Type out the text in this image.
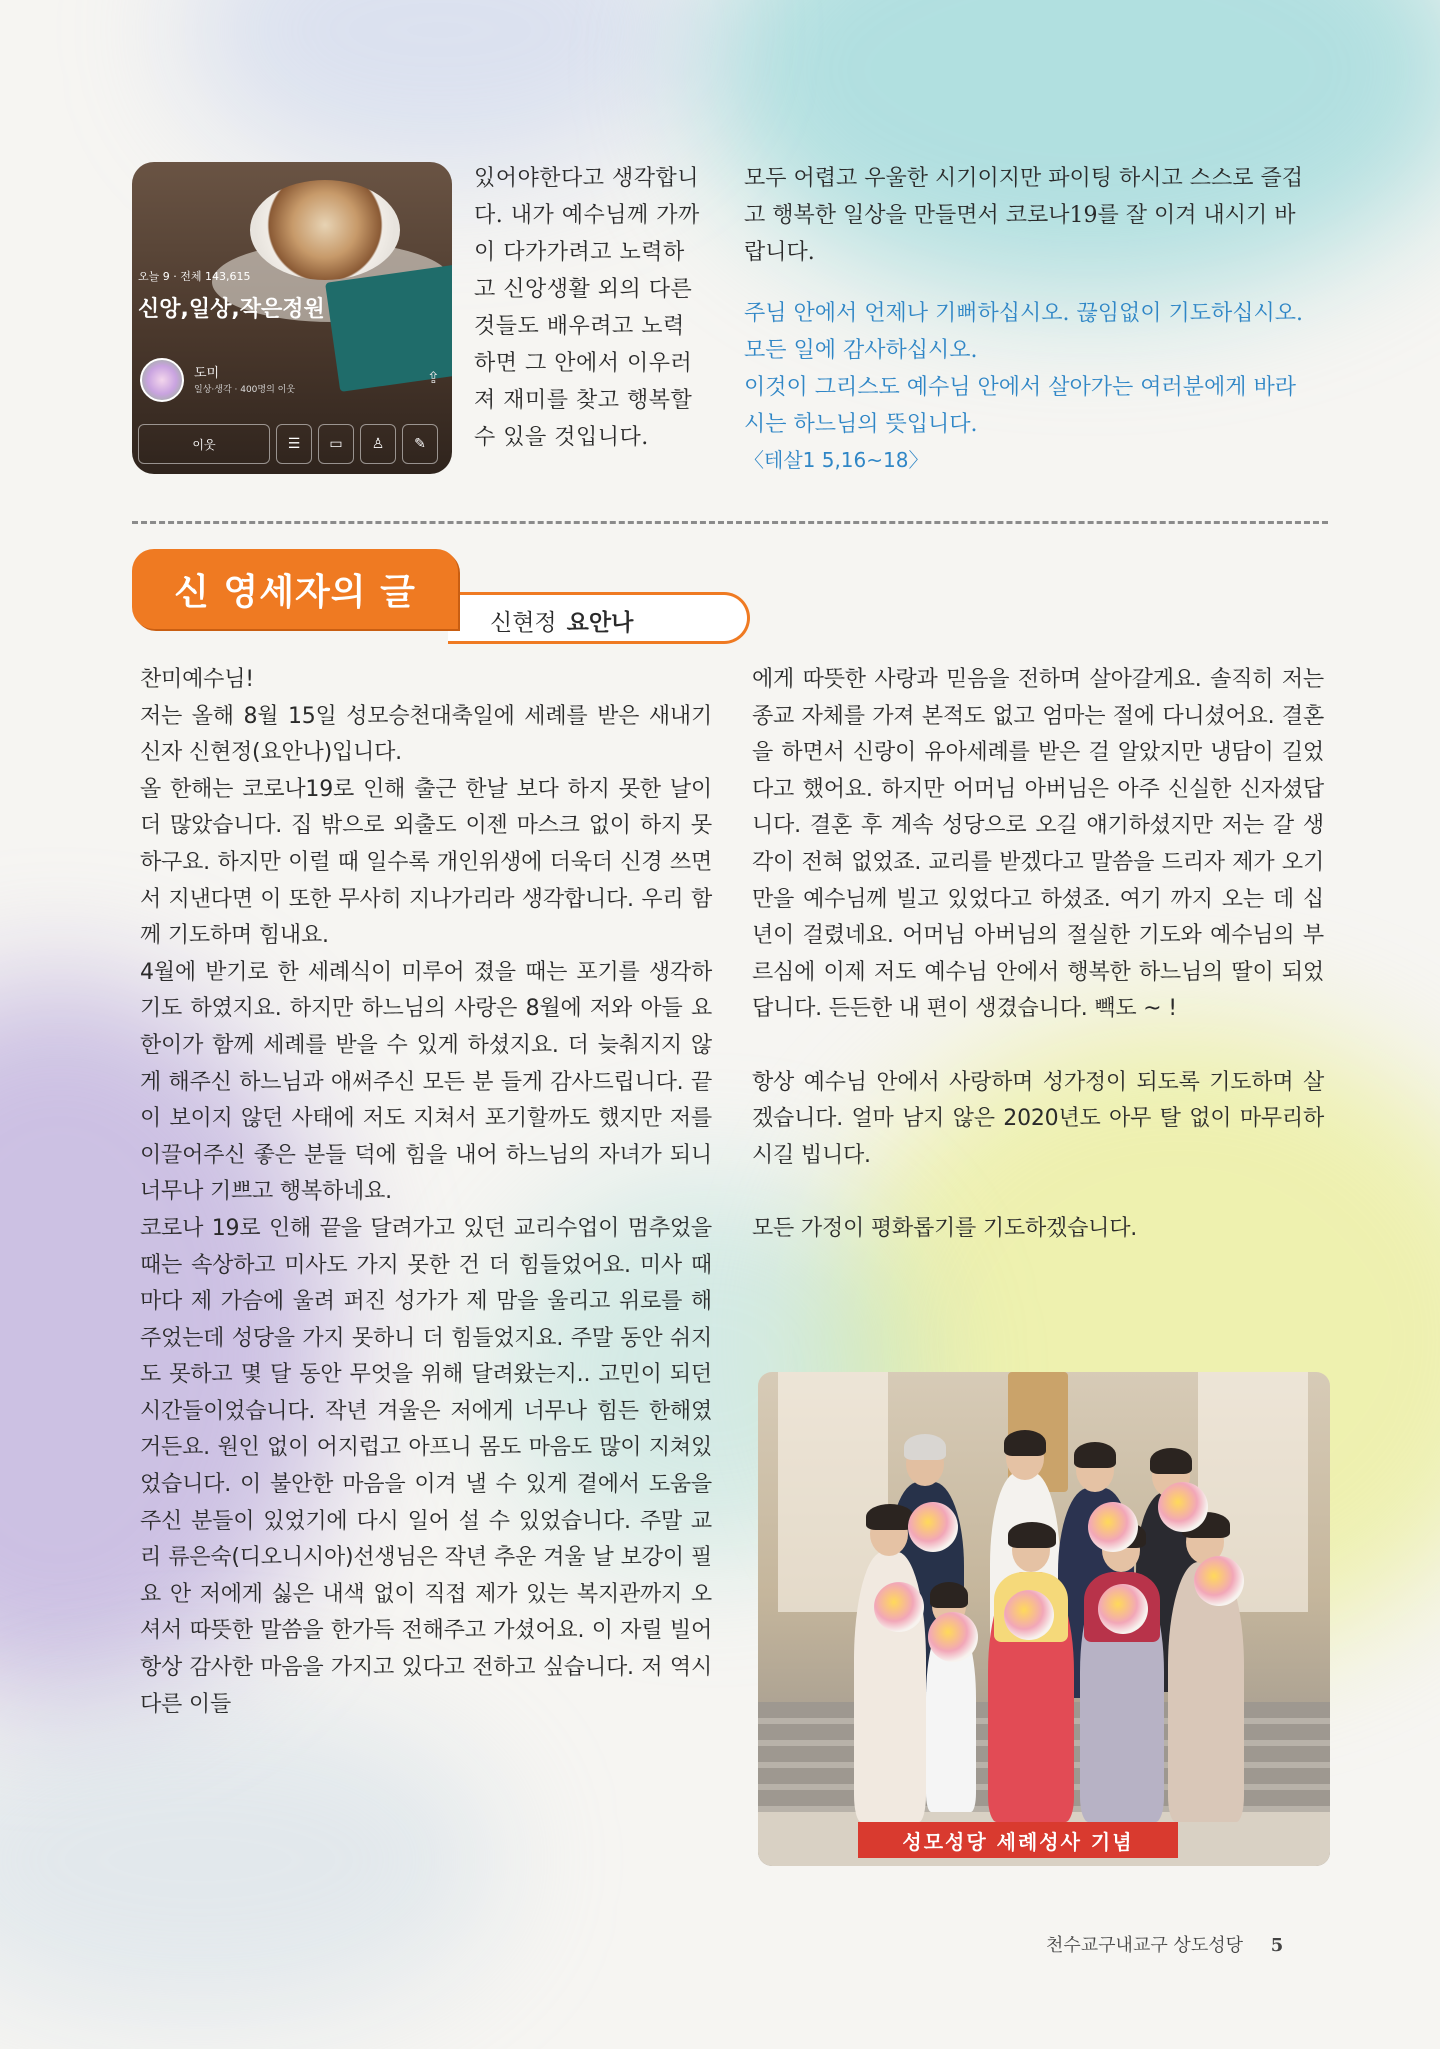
오늘 9 · 전체 143,615
신앙,일상,작은정원
도미
일상·생각 · 400명의 이웃
⇪
이웃	☰	▭	♙	✎
있어야한다고 생각합니다. 내가 예수님께 가까이 다가가려고 노력하고 신앙생활 외의 다른 것들도 배우려고 노력하면 그 안에서 이우러져 재미를 찾고 행복할 수 있을 것입니다.
모두 어렵고 우울한 시기이지만 파이팅 하시고 스스로 즐겁고 행복한 일상을 만들면서 코로나19를 잘 이겨 내시기 바랍니다.
주님 안에서 언제나 기뻐하십시오. 끊임없이 기도하십시오. 모든 일에 감사하십시오.
이것이 그리스도 예수님 안에서 살아가는 여러분에게 바라시는 하느님의 뜻입니다.
〈테살1 5,16~18〉
신 영세자의 글
신현정 요안나

찬미예수님!

저는 올해 8월 15일 성모승천대축일에 세례를 받은 새내기 신자 신현정(요안나)입니다.

올 한해는 코로나19로 인해 출근 한날 보다 하지 못한 날이 더 많았습니다. 집 밖으로 외출도 이젠 마스크 없이 하지 못하구요. 하지만 이럴 때 일수록 개인위생에 더욱더 신경 쓰면서 지낸다면 이 또한 무사히 지나가리라 생각합니다. 우리 함께 기도하며 힘내요.

4월에 받기로 한 세례식이 미루어 졌을 때는 포기를 생각하기도 하였지요. 하지만 하느님의 사랑은 8월에 저와 아들 요한이가 함께 세례를 받을 수 있게 하셨지요. 더 늦춰지지 않게 해주신 하느님과 애써주신 모든 분 들게 감사드립니다. 끝이 보이지 않던 사태에 저도 지쳐서 포기할까도 했지만 저를 이끌어주신 좋은 분들 덕에 힘을 내어 하느님의 자녀가 되니 너무나 기쁘고 행복하네요.

코로나 19로 인해 끝을 달려가고 있던 교리수업이 멈추었을 때는 속상하고 미사도 가지 못한 건 더 힘들었어요. 미사 때 마다 제 가슴에 울려 퍼진 성가가 제 맘을 울리고 위로를 해 주었는데 성당을 가지 못하니 더 힘들었지요. 주말 동안 쉬지도 못하고 몇 달 동안 무엇을 위해 달려왔는지.. 고민이 되던 시간들이었습니다. 작년 겨울은 저에게 너무나 힘든 한해였거든요. 원인 없이 어지럽고 아프니 몸도 마음도 많이 지쳐있었습니다. 이 불안한 마음을 이겨 낼 수 있게 곁에서 도움을 주신 분들이 있었기에 다시 일어 설 수 있었습니다. 주말 교리 류은숙(디오니시아)선생님은 작년 추운 겨울 날 보강이 필요 안 저에게 싫은 내색 없이 직접 제가 있는 복지관까지 오셔서 따뜻한 말씀을 한가득 전해주고 가셨어요. 이 자릴 빌어 항상 감사한 마음을 가지고 있다고 전하고 싶습니다. 저 역시 다른 이들

에게 따뜻한 사랑과 믿음을 전하며 살아갈게요. 솔직히 저는 종교 자체를 가져 본적도 없고 엄마는 절에 다니셨어요. 결혼을 하면서 신랑이 유아세례를 받은 걸 알았지만 냉담이 길었다고 했어요. 하지만 어머님 아버님은 아주 신실한 신자셨답니다. 결혼 후 계속 성당으로 오길 얘기하셨지만 저는 갈 생각이 전혀 없었죠. 교리를 받겠다고 말씀을 드리자 제가 오기만을 예수님께 빌고 있었다고 하셨죠. 여기 까지 오는 데 십 년이 걸렸네요. 어머님 아버님의 절실한 기도와 예수님의 부르심에 이제 저도 예수님 안에서 행복한 하느님의 딸이 되었답니다. 든든한 내 편이 생겼습니다. 빽도 ~ !

항상 예수님 안에서 사랑하며 성가정이 되도록 기도하며 살겠습니다. 얼마 남지 않은 2020년도 아무 탈 없이 마무리하시길 빕니다.

모든 가정이 평화롭기를 기도하겠습니다.

성모성당 세례성사 기념
천수교구내교구 상도성당 5
